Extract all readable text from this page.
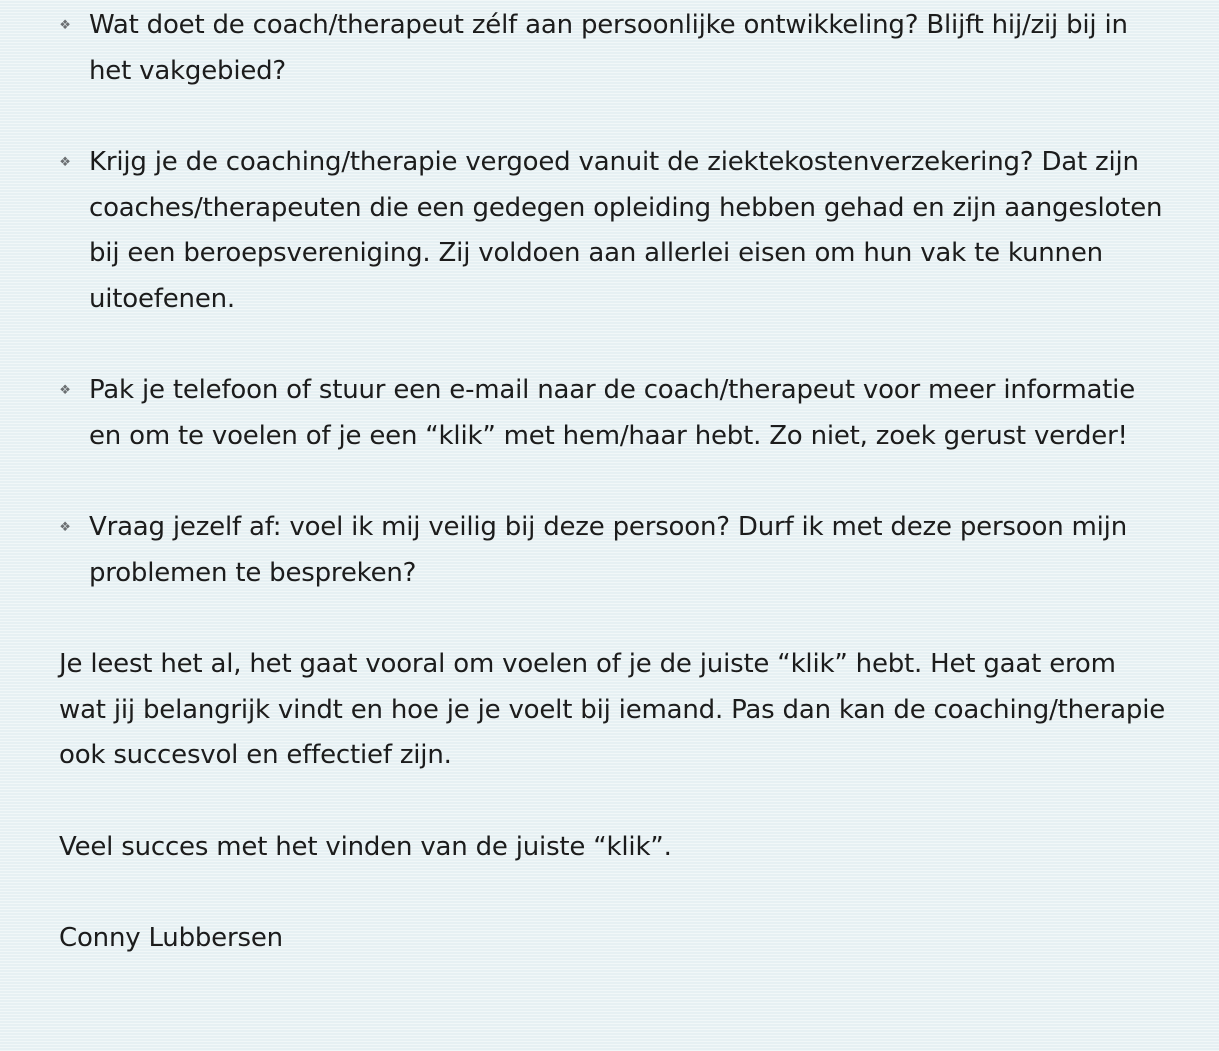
❖ Wat doet de coach/therapeut zélf aan persoonlijke ontwikkeling? Blijft hij/zij bij in het vakgebied?
❖ Krijg je de coaching/therapie vergoed vanuit de ziektekostenverzekering? Dat zijn coaches/therapeuten die een gedegen opleiding hebben gehad en zijn aangesloten bij een beroepsvereniging. Zij voldoen aan allerlei eisen om hun vak te kunnen uitoefenen.
❖ Pak je telefoon of stuur een e-mail naar de coach/therapeut voor meer informatie en om te voelen of je een “klik” met hem/haar hebt. Zo niet, zoek gerust verder!
❖ Vraag jezelf af: voel ik mij veilig bij deze persoon? Durf ik met deze persoon mijn problemen te bespreken?

Je leest het al, het gaat vooral om voelen of je de juiste “klik” hebt. Het gaat erom wat jij belangrijk vindt en hoe je je voelt bij iemand. Pas dan kan de coaching/therapie ook succesvol en effectief zijn.

Veel succes met het vinden van de juiste “klik”.

Conny Lubbersen
